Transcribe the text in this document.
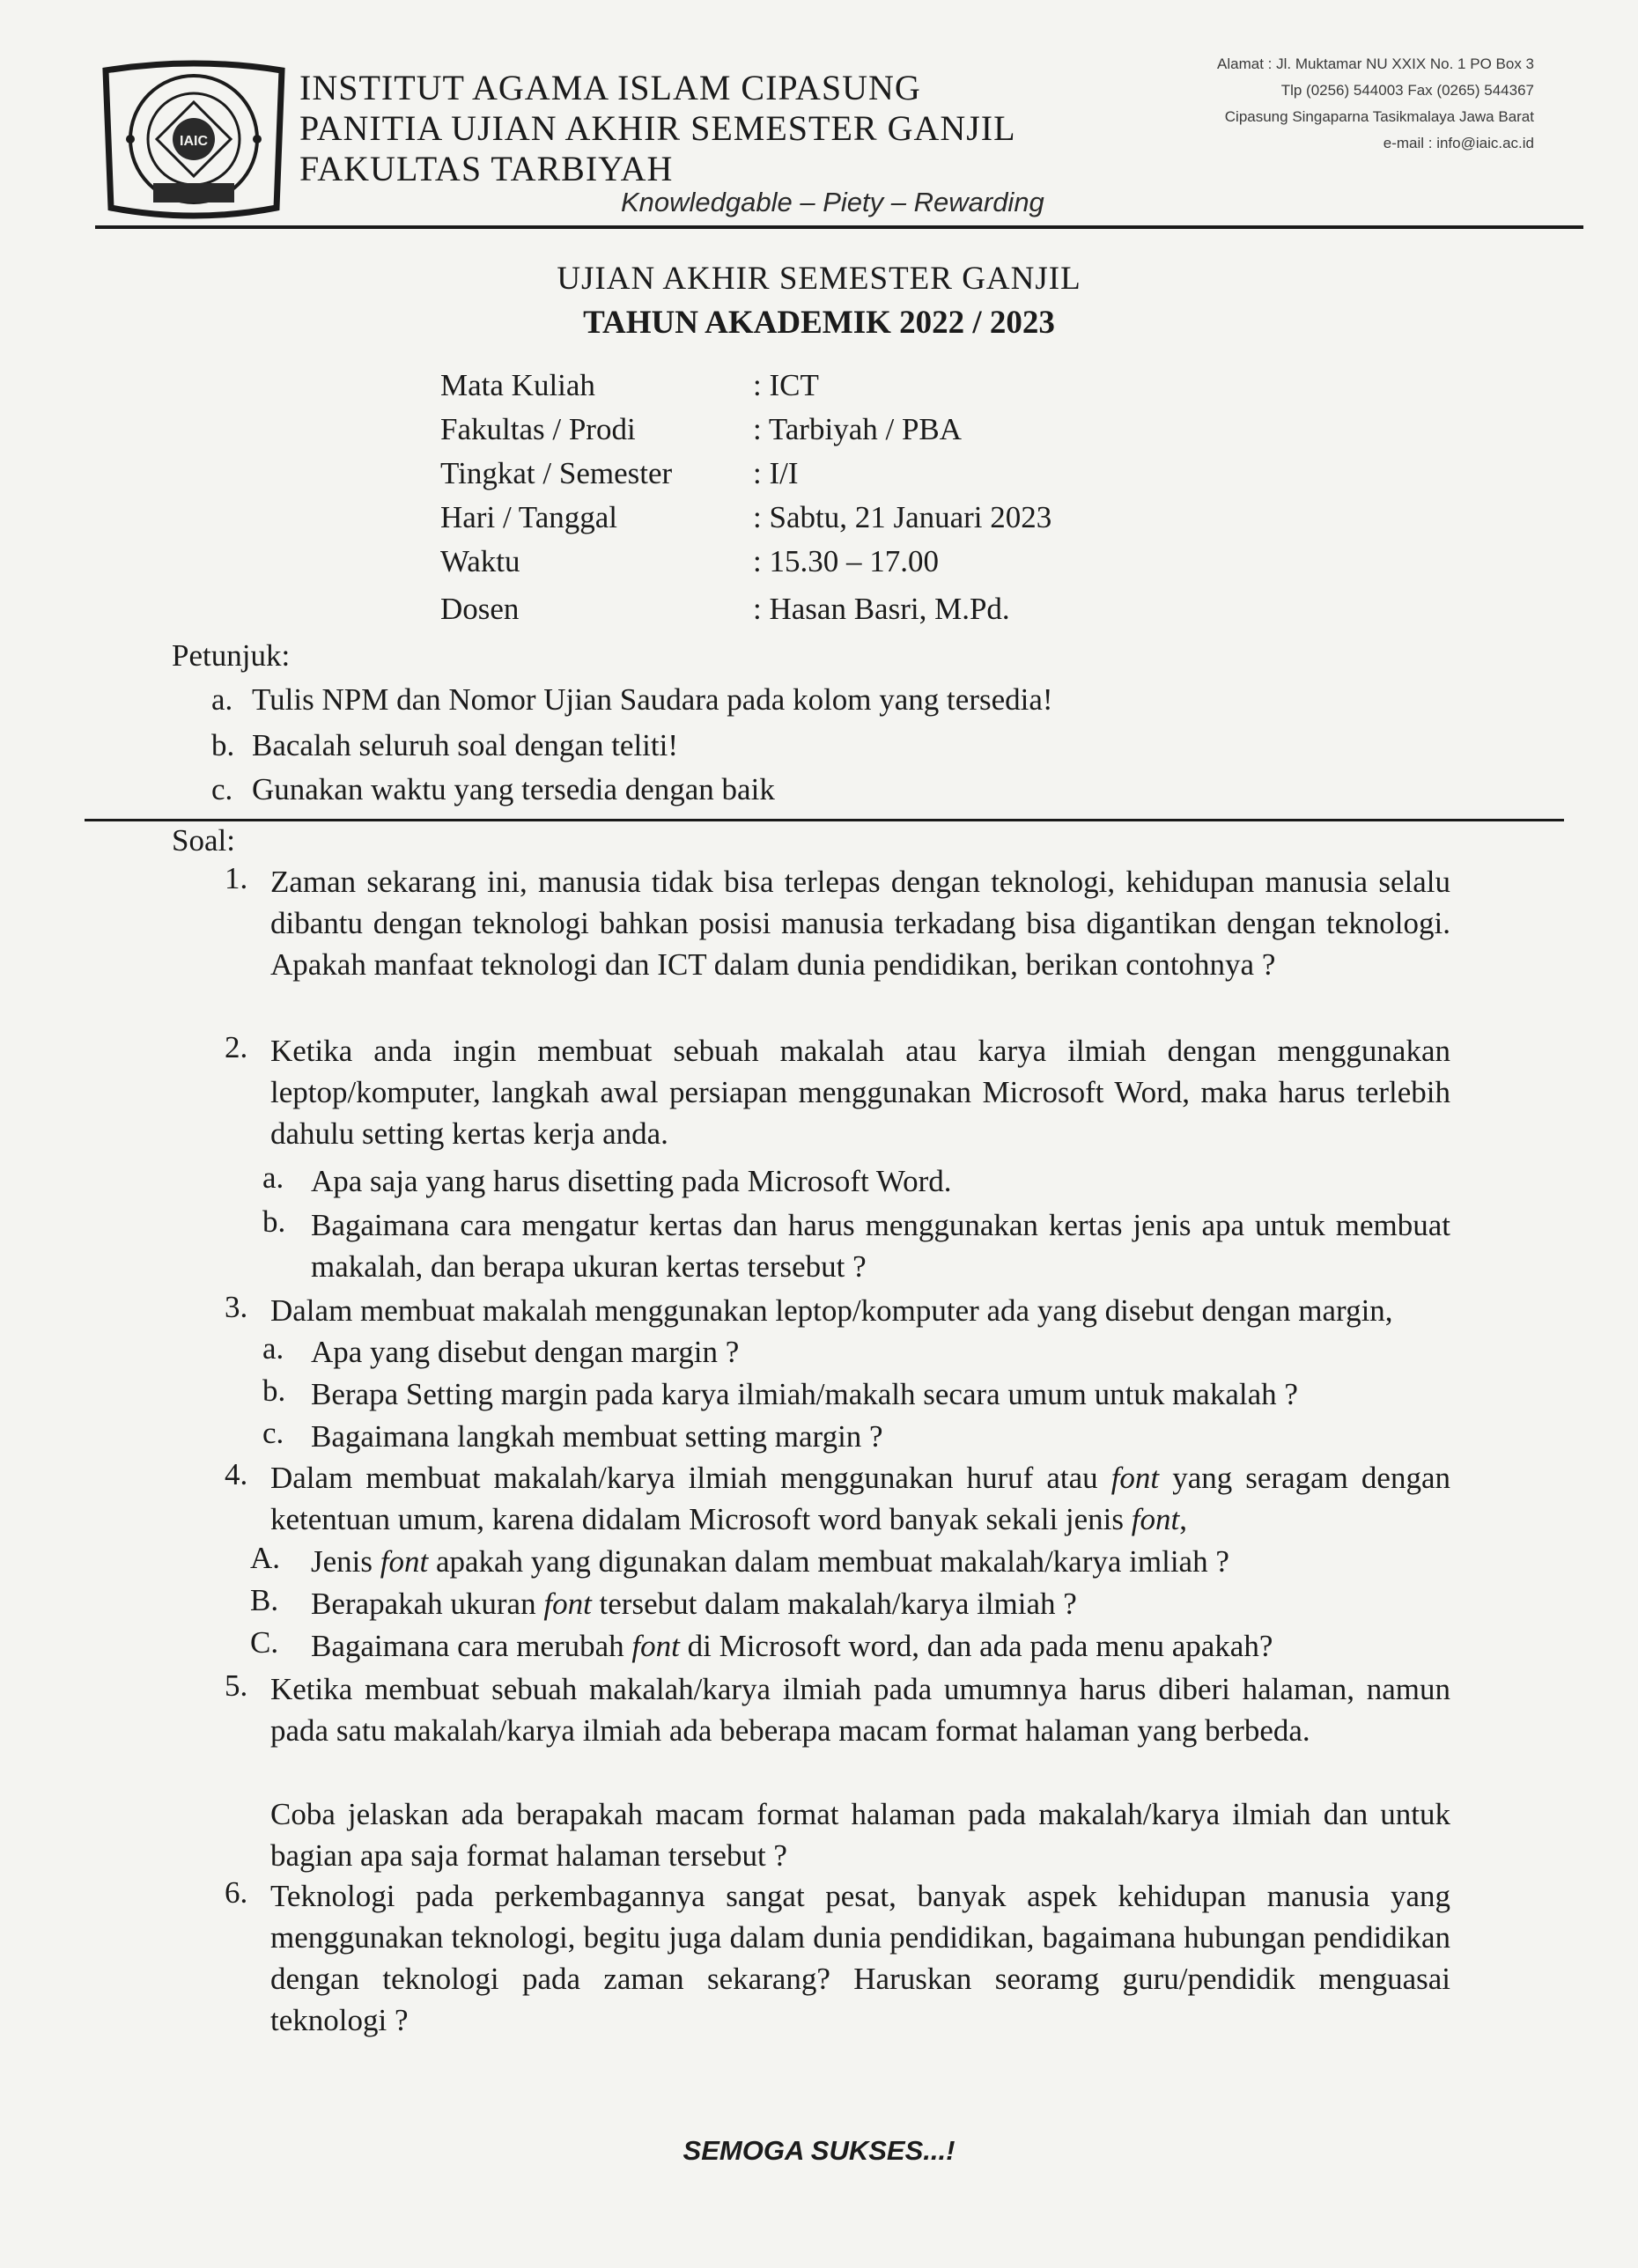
IAIC
INSTITUT AGAMA ISLAM CIPASUNG
PANITIA UJIAN AKHIR SEMESTER GANJIL
FAKULTAS TARBIYAH
Knowledgable – Piety – Rewarding
Alamat : Jl. Muktamar NU XXIX No. 1 PO Box 3
Tlp (0256) 544003 Fax (0265) 544367
Cipasung Singaparna Tasikmalaya Jawa Barat
e-mail : info@iaic.ac.id
UJIAN AKHIR SEMESTER GANJIL
TAHUN AKADEMIK 2022 / 2023
Mata Kuliah	: ICT
Fakultas / Prodi	: Tarbiyah / PBA
Tingkat / Semester	: I/I
Hari / Tanggal	: Sabtu, 21 Januari 2023
Waktu	: 15.30 – 17.00
Dosen	: Hasan Basri, M.Pd.
Petunjuk:
a. Tulis NPM dan Nomor Ujian Saudara pada kolom yang tersedia!
b. Bacalah seluruh soal dengan teliti!
c. Gunakan waktu yang tersedia dengan baik
Soal:
1. Zaman sekarang ini, manusia tidak bisa terlepas dengan teknologi, kehidupan manusia selalu dibantu dengan teknologi bahkan posisi manusia terkadang bisa digantikan dengan teknologi. Apakah manfaat teknologi dan ICT dalam dunia pendidikan, berikan contohnya ?
2. Ketika anda ingin membuat sebuah makalah atau karya ilmiah dengan menggunakan leptop/komputer, langkah awal persiapan menggunakan Microsoft Word, maka harus terlebih dahulu setting kertas kerja anda.
a. Apa saja yang harus disetting pada Microsoft Word.
b. Bagaimana cara mengatur kertas dan harus menggunakan kertas jenis apa untuk membuat makalah, dan berapa ukuran kertas tersebut ?
3. Dalam membuat makalah menggunakan leptop/komputer ada yang disebut dengan margin,
a. Apa yang disebut dengan margin ?
b. Berapa Setting margin pada karya ilmiah/makalh secara umum untuk makalah ?
c. Bagaimana langkah membuat setting margin ?
4. Dalam membuat makalah/karya ilmiah menggunakan huruf atau font yang seragam dengan ketentuan umum, karena didalam Microsoft word banyak sekali jenis font,
A. Jenis font apakah yang digunakan dalam membuat makalah/karya imliah ?
B. Berapakah ukuran font tersebut dalam makalah/karya ilmiah ?
C. Bagaimana cara merubah font di Microsoft word, dan ada pada menu apakah?
5. Ketika membuat sebuah makalah/karya ilmiah pada umumnya harus diberi halaman, namun pada satu makalah/karya ilmiah ada beberapa macam format halaman yang berbeda.
Coba jelaskan ada berapakah macam format halaman pada makalah/karya ilmiah dan untuk bagian apa saja format halaman tersebut ?
6. Teknologi pada perkembagannya sangat pesat, banyak aspek kehidupan manusia yang menggunakan teknologi, begitu juga dalam dunia pendidikan, bagaimana hubungan pendidikan dengan teknologi pada zaman sekarang? Haruskan seoramg guru/pendidik menguasai teknologi ?
SEMOGA SUKSES...!
